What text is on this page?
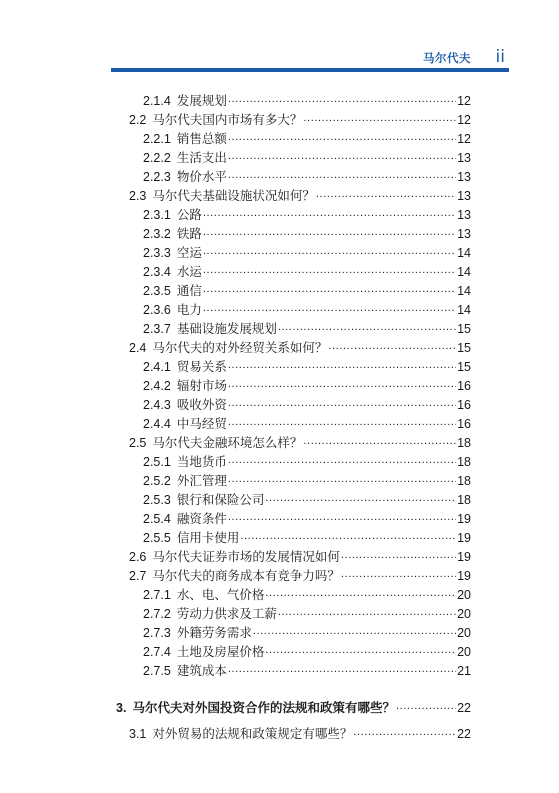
马尔代夫 ii
2.1.4 发展规划 .....	12
2.2 马尔代夫国内市场有多大？ .....	12
2.2.1 销售总额 .....	12
2.2.2 生活支出 .....	13
2.2.3 物价水平 .....	13
2.3 马尔代夫基础设施状况如何？ .....	13
2.3.1 公路 .....	13
2.3.2 铁路 .....	13
2.3.3 空运 .....	14
2.3.4 水运 .....	14
2.3.5 通信 .....	14
2.3.6 电力 .....	14
2.3.7 基础设施发展规划 .....	15
2.4 马尔代夫的对外经贸关系如何？ .....	15
2.4.1 贸易关系 .....	15
2.4.2 辐射市场 .....	16
2.4.3 吸收外资 .....	16
2.4.4 中马经贸 .....	16
2.5 马尔代夫金融环境怎么样？ .....	18
2.5.1 当地货币 .....	18
2.5.2 外汇管理 .....	18
2.5.3 银行和保险公司 .....	18
2.5.4 融资条件 .....	19
2.5.5 信用卡使用 .....	19
2.6 马尔代夫证券市场的发展情况如何 .....	19
2.7 马尔代夫的商务成本有竞争力吗？ .....	19
2.7.1 水、电、气价格 .....	20
2.7.2 劳动力供求及工薪 .....	20
2.7.3 外籍劳务需求 .....	20
2.7.4 土地及房屋价格 .....	20
2.7.5 建筑成本 .....	21
3. 马尔代夫对外国投资合作的法规和政策有哪些？ .....	22
3.1 对外贸易的法规和政策规定有哪些？ .....	22
